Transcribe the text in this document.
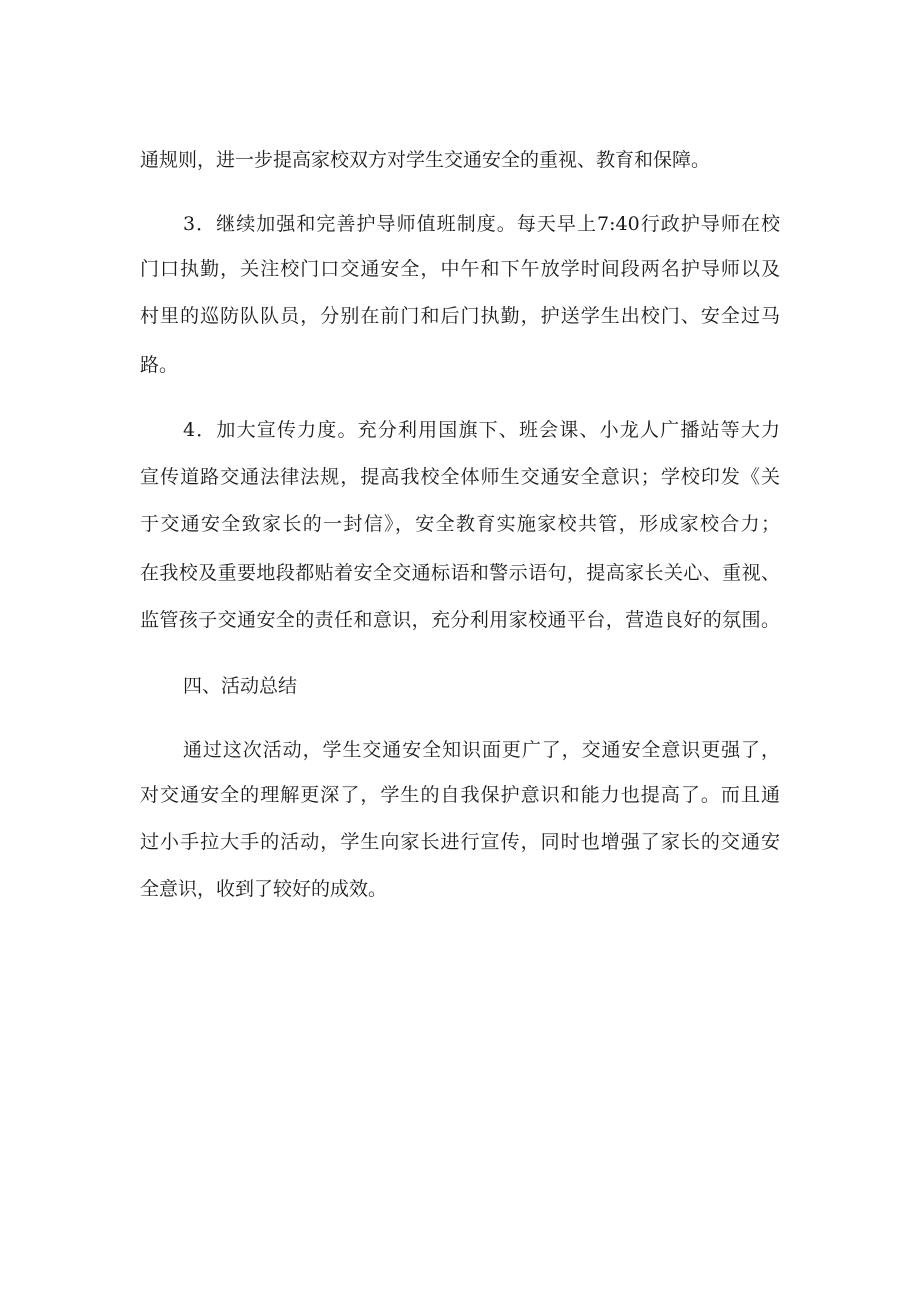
通规则，进一步提高家校双方对学生交通安全的重视、教育和保障。

3．继续加强和完善护导师值班制度。每天早上7:40行政护导师在校

门口执勤，关注校门口交通安全，中午和下午放学时间段两名护导师以及

村里的巡防队队员，分别在前门和后门执勤，护送学生出校门、安全过马

路。

4．加大宣传力度。充分利用国旗下、班会课、小龙人广播站等大力

宣传道路交通法律法规，提高我校全体师生交通安全意识；学校印发《关

于交通安全致家长的一封信》，安全教育实施家校共管，形成家校合力；

在我校及重要地段都贴着安全交通标语和警示语句，提高家长关心、重视、

监管孩子交通安全的责任和意识，充分利用家校通平台，营造良好的氛围。

四、活动总结

通过这次活动，学生交通安全知识面更广了，交通安全意识更强了，

对交通安全的理解更深了，学生的自我保护意识和能力也提高了。而且通

过小手拉大手的活动，学生向家长进行宣传，同时也增强了家长的交通安

全意识，收到了较好的成效。
